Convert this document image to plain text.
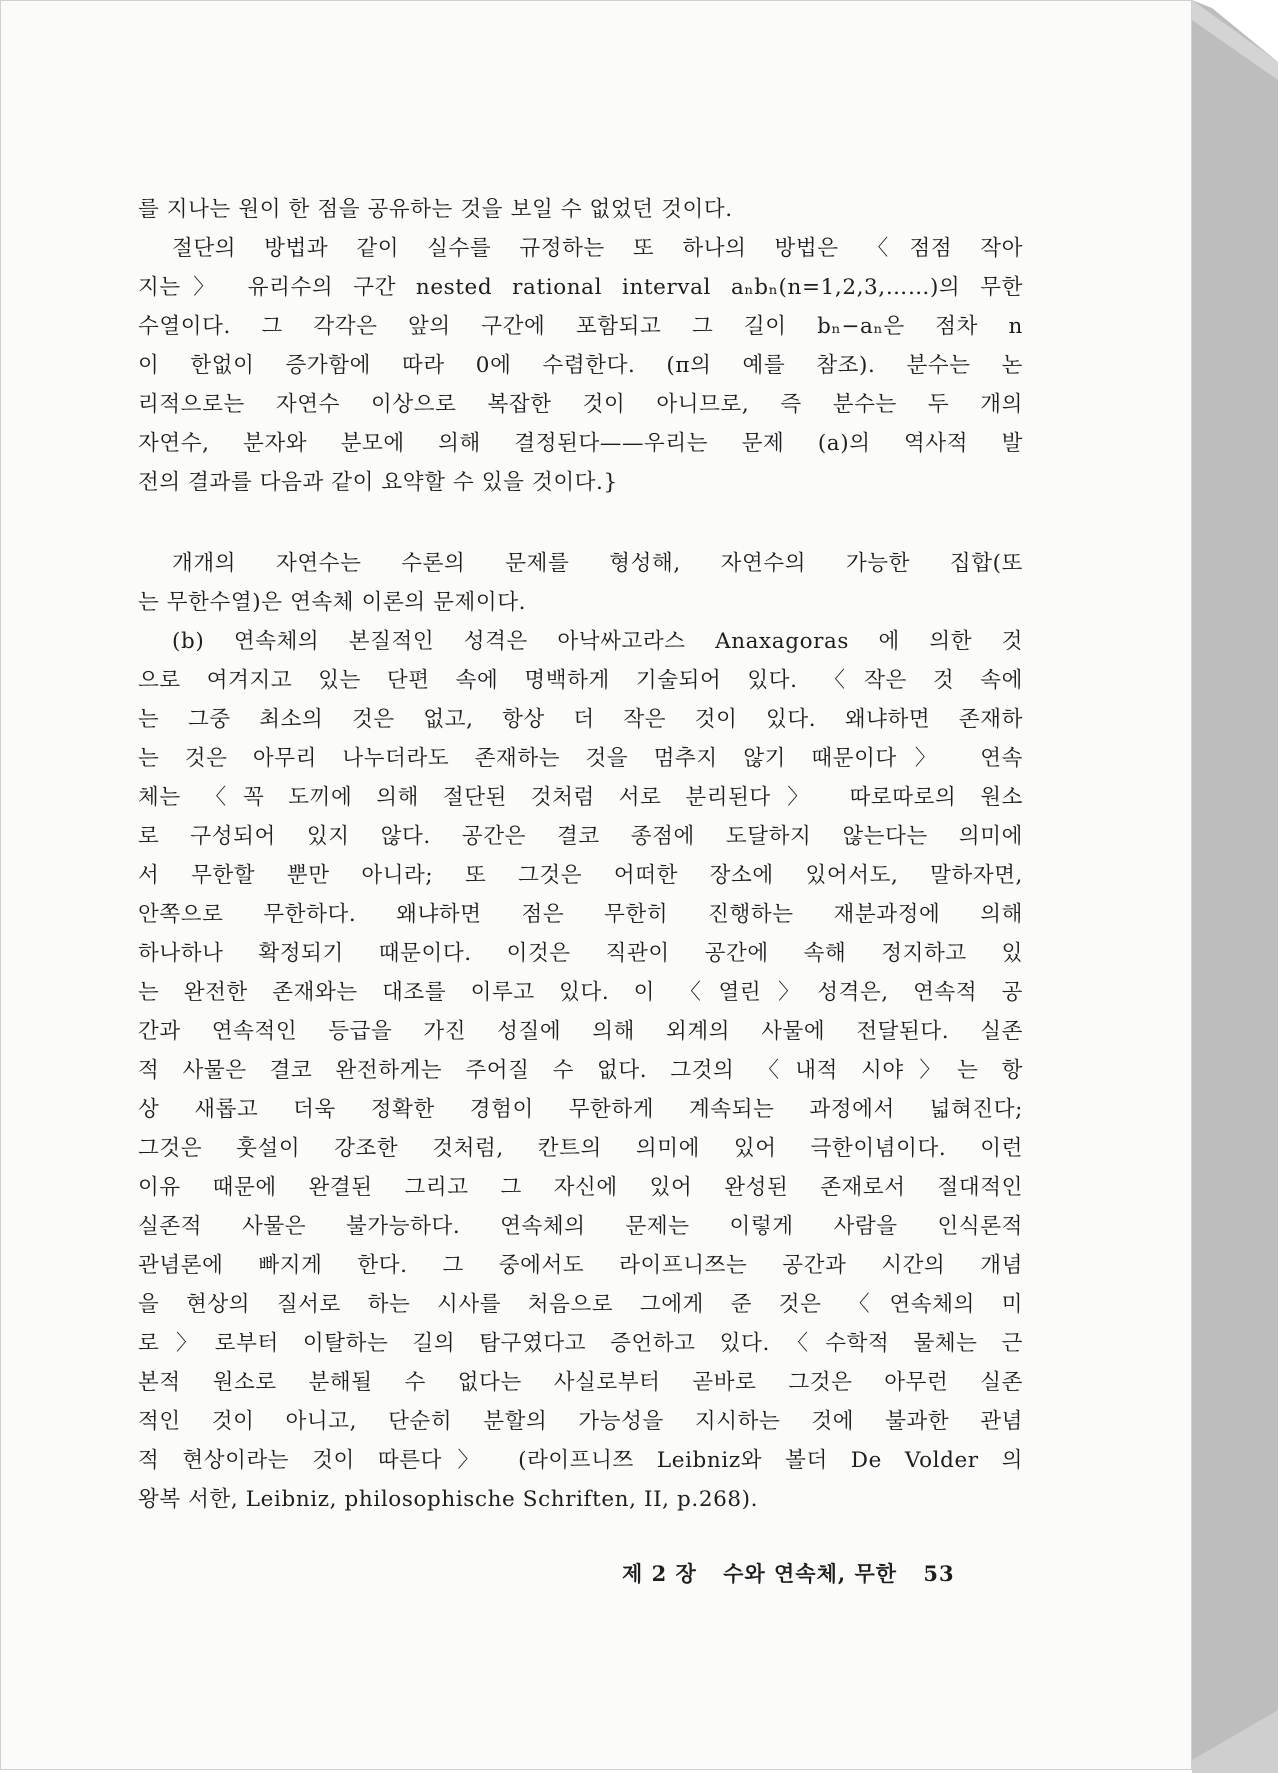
를 지나는 원이 한 점을 공유하는 것을 보일 수 없었던 것이다.
절단의 방법과 같이 실수를 규정하는 또 하나의 방법은 〈점점 작아
지는〉 유리수의 구간 nested rational interval aₙbₙ(n=1,2,3,……)의 무한
수열이다. 그 각각은 앞의 구간에 포함되고 그 길이 bₙ−aₙ은 점차 n
이 한없이 증가함에 따라 0에 수렴한다. (π의 예를 참조). 분수는 논
리적으로는 자연수 이상으로 복잡한 것이 아니므로, 즉 분수는 두 개의
자연수, 분자와 분모에 의해 결정된다——우리는 문제 (a)의 역사적 발
전의 결과를 다음과 같이 요약할 수 있을 것이다.}
개개의 자연수는 수론의 문제를 형성해, 자연수의 가능한 집합(또
는 무한수열)은 연속체 이론의 문제이다.
(b) 연속체의 본질적인 성격은 아낙싸고라스 Anaxagoras 에 의한 것
으로 여겨지고 있는 단편 속에 명백하게 기술되어 있다. 〈작은 것 속에
는 그중 최소의 것은 없고, 항상 더 작은 것이 있다. 왜냐하면 존재하
는 것은 아무리 나누더라도 존재하는 것을 멈추지 않기 때문이다〉 연속
체는 〈꼭 도끼에 의해 절단된 것처럼 서로 분리된다〉 따로따로의 원소
로 구성되어 있지 않다. 공간은 결코 종점에 도달하지 않는다는 의미에
서 무한할 뿐만 아니라; 또 그것은 어떠한 장소에 있어서도, 말하자면,
안쪽으로 무한하다. 왜냐하면 점은 무한히 진행하는 재분과정에 의해
하나하나 확정되기 때문이다. 이것은 직관이 공간에 속해 정지하고 있
는 완전한 존재와는 대조를 이루고 있다. 이 〈열린〉성격은, 연속적 공
간과 연속적인 등급을 가진 성질에 의해 외계의 사물에 전달된다. 실존
적 사물은 결코 완전하게는 주어질 수 없다. 그것의 〈내적 시야〉는 항
상 새롭고 더욱 정확한 경험이 무한하게 계속되는 과정에서 넓혀진다;
그것은 훗설이 강조한 것처럼, 칸트의 의미에 있어 극한이념이다. 이런
이유 때문에 완결된 그리고 그 자신에 있어 완성된 존재로서 절대적인
실존적 사물은 불가능하다. 연속체의 문제는 이렇게 사람을 인식론적
관념론에 빠지게 한다. 그 중에서도 라이프니쯔는 공간과 시간의 개념
을 현상의 질서로 하는 시사를 처음으로 그에게 준 것은 〈연속체의 미
로〉로부터 이탈하는 길의 탐구였다고 증언하고 있다.〈수학적 물체는 근
본적 원소로 분해될 수 없다는 사실로부터 곧바로 그것은 아무런 실존
적인 것이 아니고, 단순히 분할의 가능성을 지시하는 것에 불과한 관념
적 현상이라는 것이 따른다〉 (라이프니쯔 Leibniz와 볼더 De Volder 의
왕복 서한, Leibniz, philosophische Schriften, II, p.268).
제 2 장 수와 연속체, 무한 53
